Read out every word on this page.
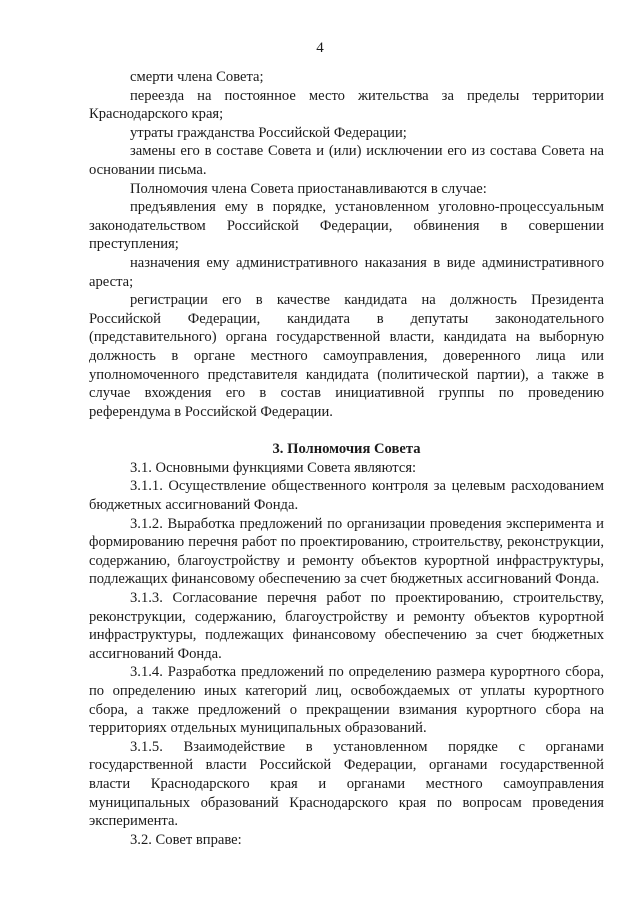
4

смерти члена Совета;

переезда на постоянное место жительства за пределы территории Краснодарского края;

утраты гражданства Российской Федерации;

замены его в составе Совета и (или) исключении его из состава Совета на основании письма.

Полномочия члена Совета приостанавливаются в случае:

предъявления ему в порядке, установленном уголовно-процессуальным законодательством Российской Федерации, обвинения в совершении преступления;

назначения ему административного наказания в виде административного ареста;

регистрации его в качестве кандидата на должность Президента Российской Федерации, кандидата в депутаты законодательного (представительного) органа государственной власти, кандидата на выборную должность в органе местного самоуправления, доверенного лица или уполномоченного представителя кандидата (политической партии), а также в случае вхождения его в состав инициативной группы по проведению референдума в Российской Федерации.

3. Полномочия Совета

3.1. Основными функциями Совета являются:

3.1.1. Осуществление общественного контроля за целевым расходованием бюджетных ассигнований Фонда.

3.1.2. Выработка предложений по организации проведения эксперимента и формированию перечня работ по проектированию, строительству, реконструкции, содержанию, благоустройству и ремонту объектов курортной инфраструктуры, подлежащих финансовому обеспечению за счет бюджетных ассигнований Фонда.

3.1.3. Согласование перечня работ по проектированию, строительству, реконструкции, содержанию, благоустройству и ремонту объектов курортной инфраструктуры, подлежащих финансовому обеспечению за счет бюджетных ассигнований Фонда.

3.1.4. Разработка предложений по определению размера курортного сбора, по определению иных категорий лиц, освобождаемых от уплаты курортного сбора, а также предложений о прекращении взимания курортного сбора на территориях отдельных муниципальных образований.

3.1.5. Взаимодействие в установленном порядке с органами государственной власти Российской Федерации, органами государственной власти Краснодарского края и органами местного самоуправления муниципальных образований Краснодарского края по вопросам проведения эксперимента.

3.2. Совет вправе:
